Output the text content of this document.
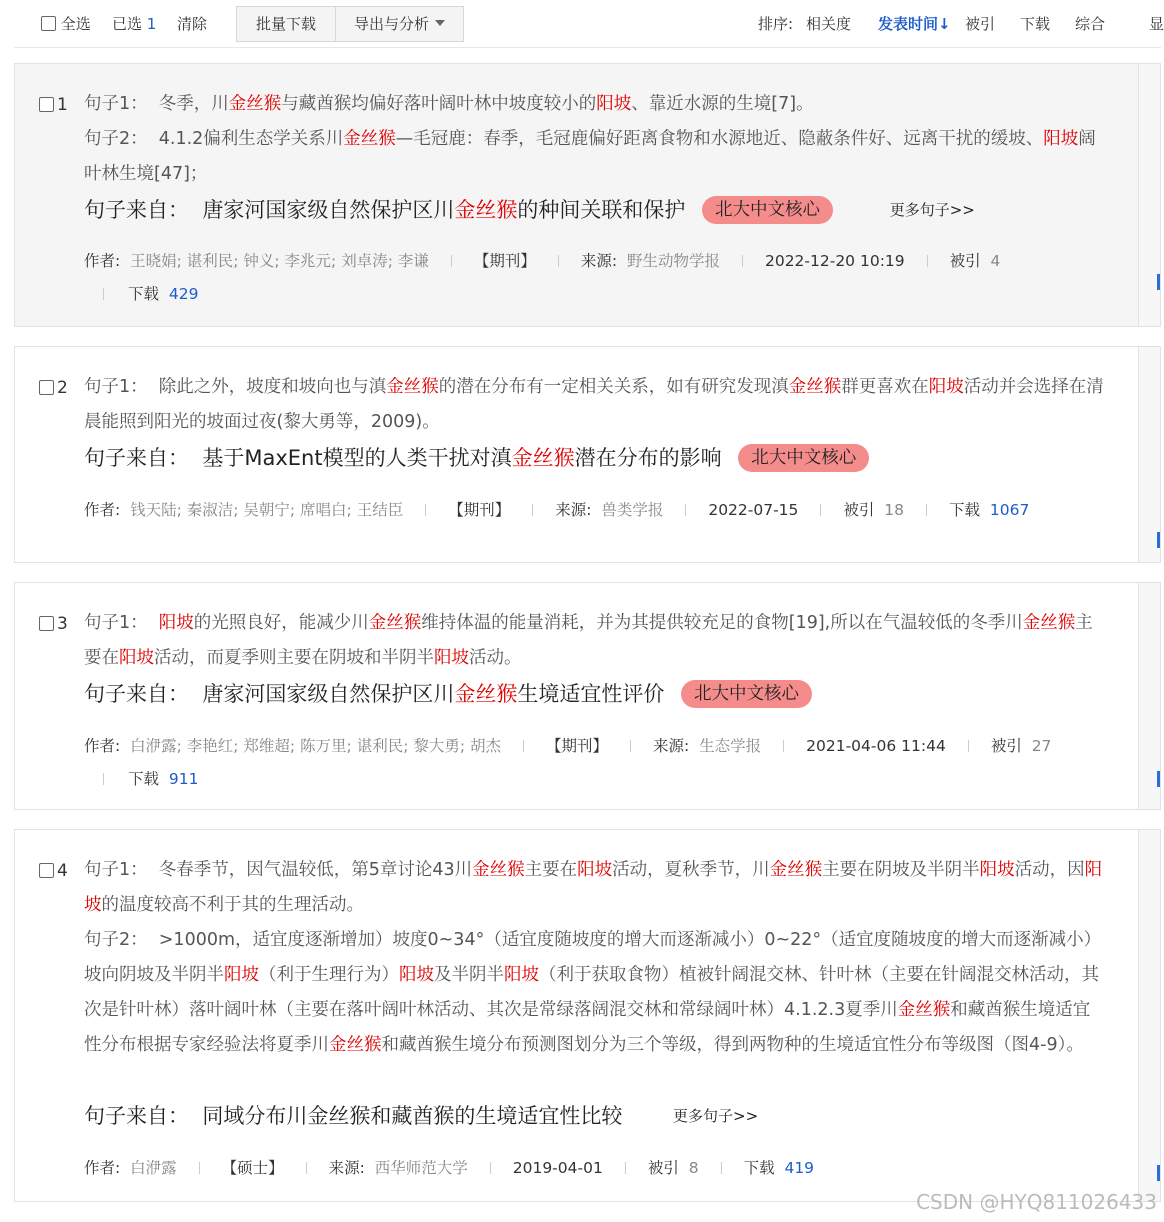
全选 已选 1 清除	批量下载	导出与分析	排序: 相关度 发表时间↓ 被引 下载 综合	显
1 句子1：  冬季，川金丝猴与藏酋猴均偏好落叶阔叶林中坡度较小的阳坡、靠近水源的生境[7]。
句子2：  4.1.2偏利生态学关系川金丝猴—毛冠鹿：春季，毛冠鹿偏好距离食物和水源地近、隐蔽条件好、远离干扰的缓坡、阳坡阔叶林生境[47]；
句子来自： 唐家河国家级自然保护区川金丝猴的种间关联和保护 北大中文核心	更多句子>>
作者: 王晓娟; 谌利民; 钟义; 李兆元; 刘卓涛; 李谦	【期刊】	来源: 野生动物学报	2022-12-20 10:19	被引 4
下载 429
2 句子1：  除此之外，坡度和坡向也与滇金丝猴的潜在分布有一定相关关系，如有研究发现滇金丝猴群更喜欢在阳坡活动并会选择在清晨能照到阳光的坡面过夜(黎大勇等，2009)。
句子来自： 基于MaxEnt模型的人类干扰对滇金丝猴潜在分布的影响 北大中文核心
作者: 钱天陆; 秦淑洁; 吴朝宁; 席唱白; 王结臣	【期刊】	来源: 兽类学报	2022-07-15	被引 18	下载 1067
3 句子1：  阳坡的光照良好，能减少川金丝猴维持体温的能量消耗，并为其提供较充足的食物[19],所以在气温较低的冬季川金丝猴主要在阳坡活动，而夏季则主要在阴坡和半阴半阳坡活动。
句子来自： 唐家河国家级自然保护区川金丝猴生境适宜性评价 北大中文核心
作者: 白洢露; 李艳红; 郑维超; 陈万里; 谌利民; 黎大勇; 胡杰	【期刊】	来源: 生态学报	2021-04-06 11:44	被引 27
下载 911
4 句子1：  冬春季节，因气温较低，第5章讨论43川金丝猴主要在阳坡活动，夏秋季节，川金丝猴主要在阴坡及半阴半阳坡活动，因阳坡的温度较高不利于其的生理活动。
句子2：  >1000m，适宜度逐渐增加）坡度0~34°（适宜度随坡度的增大而逐渐减小）0~22°（适宜度随坡度的增大而逐渐减小）坡向阴坡及半阴半阳坡（利于生理行为）阳坡及半阴半阳坡（利于获取食物）植被针阔混交林、针叶林（主要在针阔混交林活动，其次是针叶林）落叶阔叶林（主要在落叶阔叶林活动、其次是常绿落阔混交林和常绿阔叶林）4.1.2.3夏季川金丝猴和藏酋猴生境适宜性分布根据专家经验法将夏季川金丝猴和藏酋猴生境分布预测图划分为三个等级，得到两物种的生境适宜性分布等级图（图4-9）。
句子来自： 同域分布川金丝猴和藏酋猴的生境适宜性比较	更多句子>>
作者: 白洢露	【硕士】	来源: 西华师范大学	2019-04-01	被引 8	下载 419
CSDN @HYQ811026433
